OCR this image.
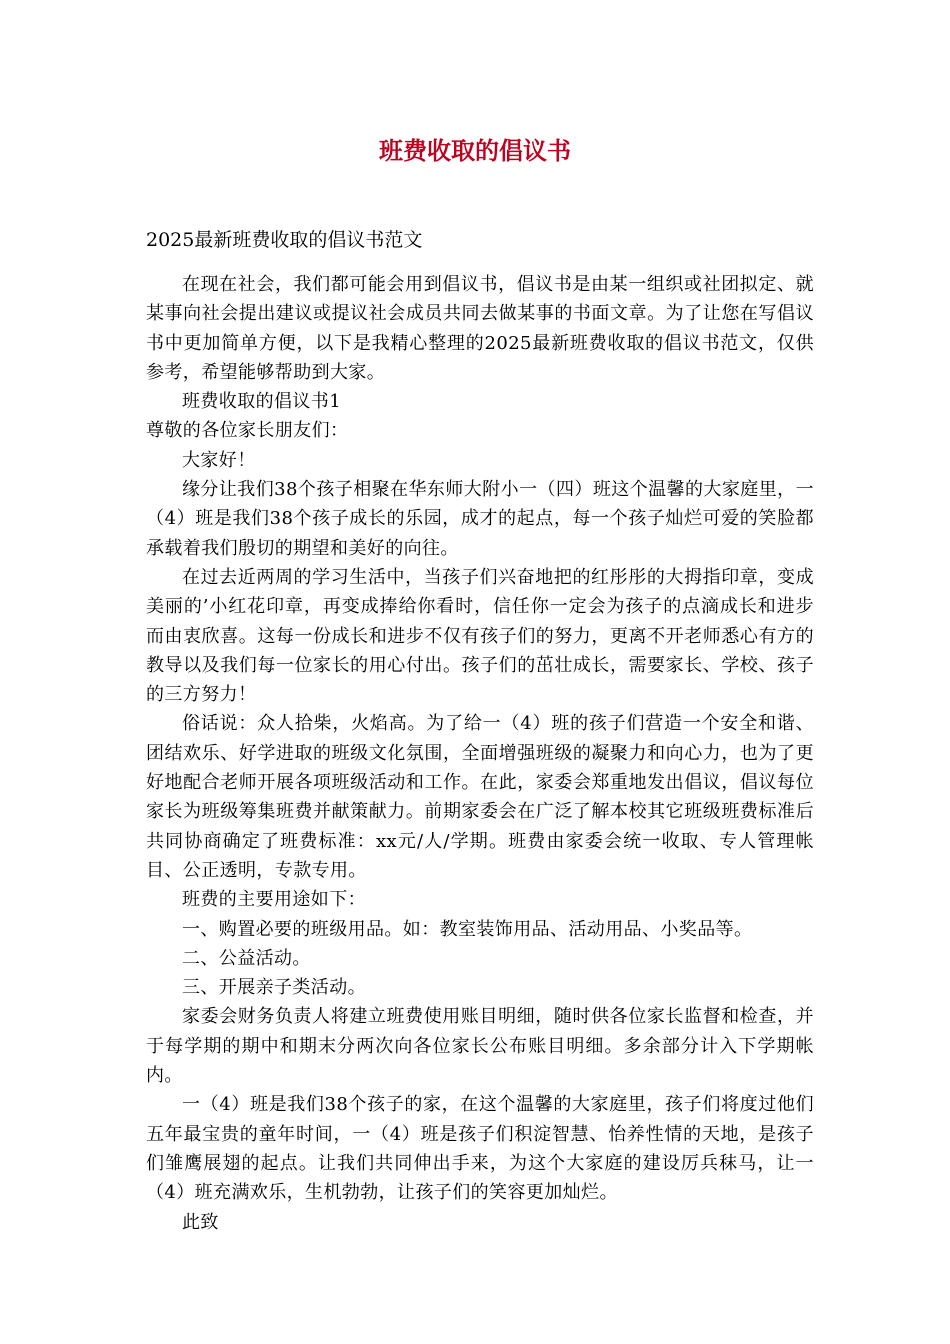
班费收取的倡议书
2025最新班费收取的倡议书范文

在现在社会，我们都可能会用到倡议书，倡议书是由某一组织或社团拟定、就某事向社会提出建议或提议社会成员共同去做某事的书面文章。为了让您在写倡议书中更加简单方便，以下是我精心整理的2025最新班费收取的倡议书范文，仅供参考，希望能够帮助到大家。

班费收取的倡议书1

尊敬的各位家长朋友们：

大家好！

缘分让我们38个孩子相聚在华东师大附小一（四）班这个温馨的大家庭里，一（4）班是我们38个孩子成长的乐园，成才的起点，每一个孩子灿烂可爱的笑脸都承载着我们殷切的期望和美好的向往。

在过去近两周的学习生活中，当孩子们兴奋地把的红彤彤的大拇指印章，变成美丽的’小红花印章，再变成捧给你看时，信任你一定会为孩子的点滴成长和进步而由衷欣喜。这每一份成长和进步不仅有孩子们的努力，更离不开老师悉心有方的教导以及我们每一位家长的用心付出。孩子们的茁壮成长，需要家长、学校、孩子的三方努力！

俗话说：众人拾柴，火焰高。为了给一（4）班的孩子们营造一个安全和谐、团结欢乐、好学进取的班级文化氛围，全面增强班级的凝聚力和向心力，也为了更好地配合老师开展各项班级活动和工作。在此，家委会郑重地发出倡议，倡议每位家长为班级筹集班费并献策献力。前期家委会在广泛了解本校其它班级班费标准后共同协商确定了班费标准：xx元/人/学期。班费由家委会统一收取、专人管理帐目、公正透明，专款专用。

班费的主要用途如下：

一、购置必要的班级用品。如：教室装饰用品、活动用品、小奖品等。

二、公益活动。

三、开展亲子类活动。

家委会财务负责人将建立班费使用账目明细，随时供各位家长监督和检查，并于每学期的期中和期末分两次向各位家长公布账目明细。多余部分计入下学期帐内。

一（4）班是我们38个孩子的家，在这个温馨的大家庭里，孩子们将度过他们五年最宝贵的童年时间，一（4）班是孩子们积淀智慧、怡养性情的天地，是孩子们雏鹰展翅的起点。让我们共同伸出手来，为这个大家庭的建设厉兵秣马，让一（4）班充满欢乐，生机勃勃，让孩子们的笑容更加灿烂。

此致
